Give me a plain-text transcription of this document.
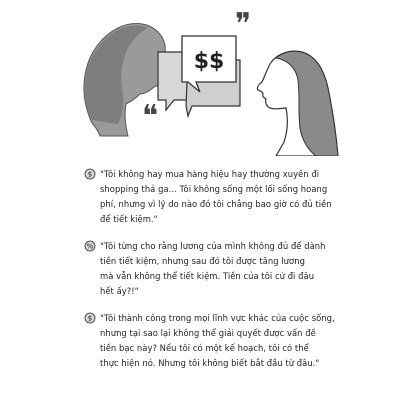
$$
❞
❝
$ "Tôi không hay mua hàng hiệu hay thường xuyên đi
shopping thả ga... Tôi không sống một lối sống hoang
phí, nhưng vì lý do nào đó tôi chẳng bao giờ có đủ tiền
để tiết kiệm."

% "Tôi từng cho rằng lương của mình không đủ để dành
tiền tiết kiệm, nhưng sau đó tôi được tăng lương
mà vẫn không thể tiết kiệm. Tiền của tôi cứ đi đâu
hết ấy?!"

$ "Tôi thành công trong mọi lĩnh vực khác của cuộc sống,
nhưng tại sao lại không thể giải quyết được vấn đề
tiền bạc này? Nếu tôi có một kế hoạch, tôi có thể
thực hiện nó. Nhưng tôi không biết bắt đầu từ đâu."
